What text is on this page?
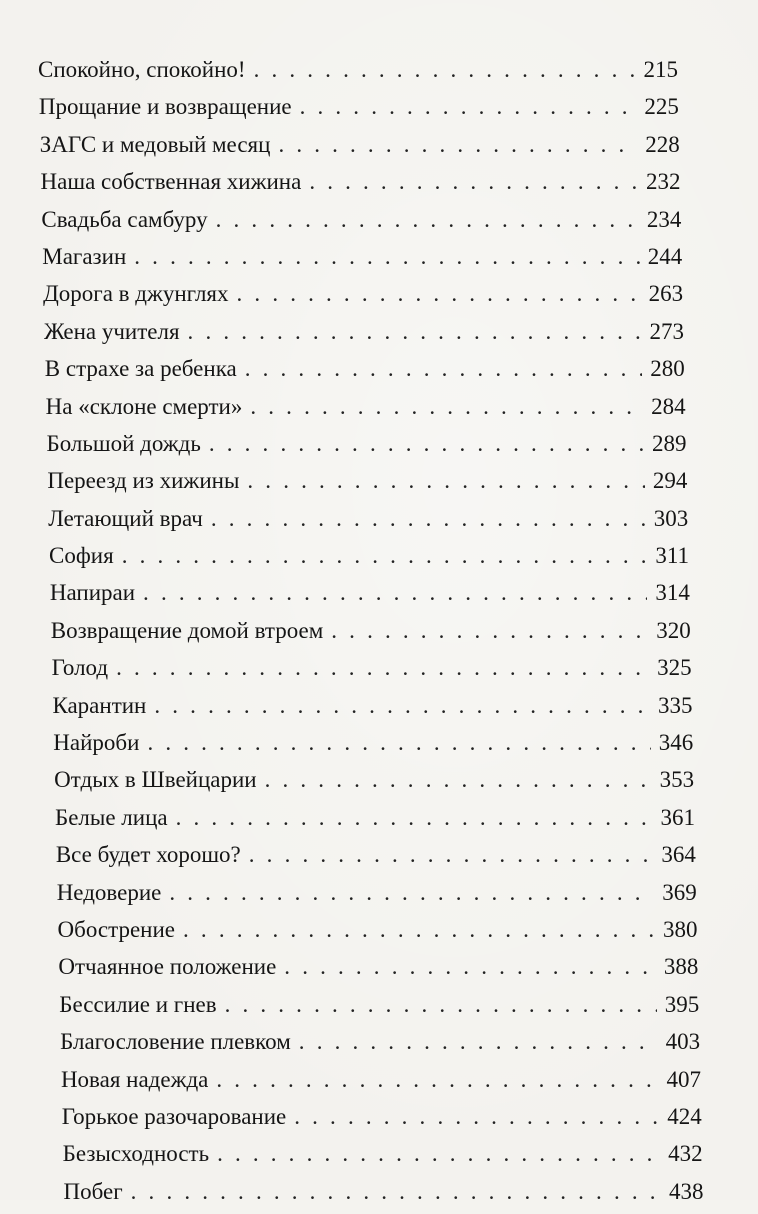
Спокойно, спокойно! . . .	215
Прощание и возвращение . . .	225
ЗАГС и медовый месяц . . .	228
Наша собственная хижина . . .	232
Свадьба самбуру . . .	234
Магазин . . .	244
Дорога в джунглях . . .	263
Жена учителя . . .	273
В страхе за ребенка . . .	280
На «склоне смерти» . . .	284
Большой дождь . . .	289
Переезд из хижины . . .	294
Летающий врач . . .	303
София . . .	311
Напираи . . .	314
Возвращение домой втроем . . .	320
Голод . . .	325
Карантин . . .	335
Найроби . . .	346
Отдых в Швейцарии . . .	353
Белые лица . . .	361
Все будет хорошо? . . .	364
Недоверие . . .	369
Обострение . . .	380
Отчаянное положение . . .	388
Бессилие и гнев . . .	395
Благословение плевком . . .	403
Новая надежда . . .	407
Горькое разочарование . . .	424
Безысходность . . .	432
Побег . . .	438
